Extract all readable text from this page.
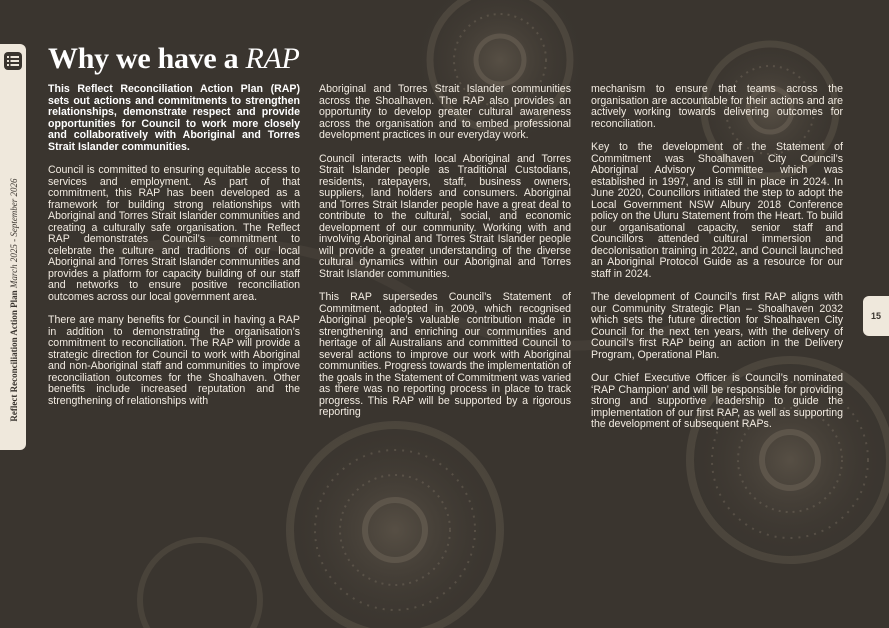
Reflect Reconciliation Action Plan March 2025 - September 2026
15
Why we have a RAP

This Reflect Reconciliation Action Plan (RAP) sets out actions and commitments to strengthen relationships, demonstrate respect and provide opportunities for Council to work more closely and collaboratively with Aboriginal and Torres Strait Islander communities.

Council is committed to ensuring equitable access to services and employment. As part of that commitment, this RAP has been developed as a framework for building strong relationships with Aboriginal and Torres Strait Islander communities and creating a culturally safe organisation. The Reflect RAP demonstrates Council’s commitment to celebrate the culture and traditions of our local Aboriginal and Torres Strait Islander communities and provides a platform for capacity building of our staff and networks to ensure positive reconciliation outcomes across our local government area.

There are many benefits for Council in having a RAP in addition to demonstrating the organisation’s commitment to reconciliation. The RAP will provide a strategic direction for Council to work with Aboriginal and non-Aboriginal staff and communities to improve reconciliation outcomes for the Shoalhaven. Other benefits include increased reputation and the strengthening of relationships with

Aboriginal and Torres Strait Islander communities across the Shoalhaven. The RAP also provides an opportunity to develop greater cultural awareness across the organisation and to embed professional development practices in our everyday work.

Council interacts with local Aboriginal and Torres Strait Islander people as Traditional Custodians, residents, ratepayers, staff, business owners, suppliers, land holders and consumers. Aboriginal and Torres Strait Islander people have a great deal to contribute to the cultural, social, and economic development of our community. Working with and involving Aboriginal and Torres Strait Islander people will provide a greater understanding of the diverse cultural dynamics within our Aboriginal and Torres Strait Islander communities.

This RAP supersedes Council’s Statement of Commitment, adopted in 2009, which recognised Aboriginal people’s valuable contribution made in strengthening and enriching our communities and heritage of all Australians and committed Council to several actions to improve our work with Aboriginal communities. Progress towards the implementation of the goals in the Statement of Commitment was varied as there was no reporting process in place to track progress. This RAP will be supported by a rigorous reporting

mechanism to ensure that teams across the organisation are accountable for their actions and are actively working towards delivering outcomes for reconciliation.

Key to the development of the Statement of Commitment was Shoalhaven City Council’s Aboriginal Advisory Committee which was established in 1997, and is still in place in 2024. In June 2020, Councillors initiated the step to adopt the Local Government NSW Albury 2018 Conference policy on the Uluru Statement from the Heart. To build our organisational capacity, senior staff and Councillors attended cultural immersion and decolonisation training in 2022, and Council launched an Aboriginal Protocol Guide as a resource for our staff in 2024.

The development of Council’s first RAP aligns with our Community Strategic Plan – Shoalhaven 2032 which sets the future direction for Shoalhaven City Council for the next ten years, with the delivery of Council’s first RAP being an action in the Delivery Program, Operational Plan.

Our Chief Executive Officer is Council’s nominated ‘RAP Champion’ and will be responsible for providing strong and supportive leadership to guide the implementation of our first RAP, as well as supporting the development of subsequent RAPs.
